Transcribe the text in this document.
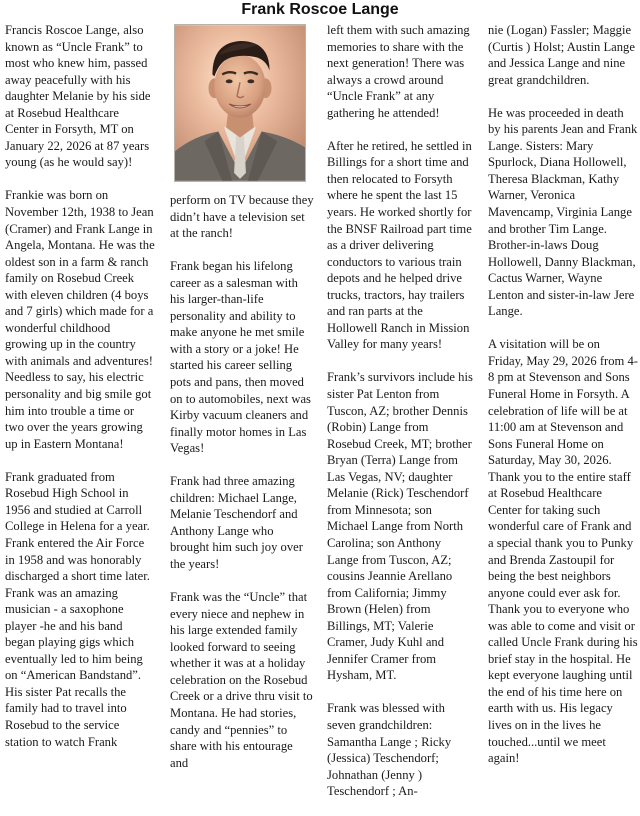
Frank Roscoe Lange

Francis Roscoe Lange, also known as “Uncle Frank” to most who knew him, passed away peacefully with his daughter Melanie by his side at Rosebud Healthcare Center in Forsyth, MT on January 22, 2026 at 87 years young (as he would say)!

Frankie was born on November 12th, 1938 to Jean (Cramer) and Frank Lange in Angela, Montana. He was the oldest son in a farm & ranch family on Rosebud Creek with eleven children (4 boys and 7 girls) which made for a wonderful childhood growing up in the country with animals and adventures! Needless to say, his electric personality and big smile got him into trouble a time or two over the years growing up in Eastern Montana!

Frank graduated from Rosebud High School in 1956 and studied at Carroll College in Helena for a year. Frank entered the Air Force in 1958 and was honorably discharged a short time later. Frank was an amazing musician - a saxophone player -he and his band began playing gigs which eventually led to him being on “American Bandstand”. His sister Pat recalls the family had to travel into Rosebud to the service station to watch Frank

perform on TV because they didn’t have a television set at the ranch!

Frank began his lifelong career as a salesman with his larger-than-life personality and ability to make anyone he met smile with a story or a joke! He started his career selling pots and pans, then moved on to automobiles, next was Kirby vacuum cleaners and finally motor homes in Las Vegas!

Frank had three amazing children: Michael Lange, Melanie Teschendorf and Anthony Lange who brought him such joy over the years!

Frank was the “Uncle” that every niece and nephew in his large extended family looked forward to seeing whether it was at a holiday celebration on the Rosebud Creek or a drive thru visit to Montana. He had stories, candy and “pennies” to share with his entourage and

left them with such amazing memories to share with the next generation! There was always a crowd around “Uncle Frank” at any gathering he attended!

After he retired, he settled in Billings for a short time and then relocated to Forsyth where he spent the last 15 years. He worked shortly for the BNSF Railroad part time as a driver delivering conductors to various train depots and he helped drive trucks, tractors, hay trailers and ran parts at the Hollowell Ranch in Mission Valley for many years!

Frank’s survivors include his sister Pat Lenton from Tuscon, AZ; brother Dennis (Robin) Lange from Rosebud Creek, MT; brother Bryan (Terra) Lange from Las Vegas, NV; daughter Melanie (Rick) Teschendorf from Minnesota; son Michael Lange from North Carolina; son Anthony Lange from Tuscon, AZ; cousins Jeannie Arellano from California; Jimmy Brown (Helen) from Billings, MT; Valerie Cramer, Judy Kuhl and Jennifer Cramer from Hysham, MT.

Frank was blessed with seven grandchildren: Samantha Lange ; Ricky (Jessica) Teschendorf; Johnathan (Jenny ) Teschendorf ; An-

nie (Logan) Fassler; Maggie (Curtis ) Holst; Austin Lange and Jessica Lange and nine great grandchildren.

He was proceeded in death by his parents Jean and Frank Lange. Sisters: Mary Spurlock, Diana Hollowell, Theresa Blackman, Kathy Warner, Veronica Mavencamp, Virginia Lange and brother Tim Lange. Brother-in-laws Doug Hollowell, Danny Blackman, Cactus Warner, Wayne Lenton and sister-in-law Jere Lange.

A visitation will be on Friday, May 29, 2026 from 4-8 pm at Stevenson and Sons Funeral Home in Forsyth. A celebration of life will be at 11:00 am at Stevenson and Sons Funeral Home on Saturday, May 30, 2026. Thank you to the entire staff at Rosebud Healthcare Center for taking such wonderful care of Frank and a special thank you to Punky and Brenda Zastoupil for being the best neighbors anyone could ever ask for. Thank you to everyone who was able to come and visit or called Uncle Frank during his brief stay in the hospital. He kept everyone laughing until the end of his time here on earth with us. His legacy lives on in the lives he touched...until we meet again!
